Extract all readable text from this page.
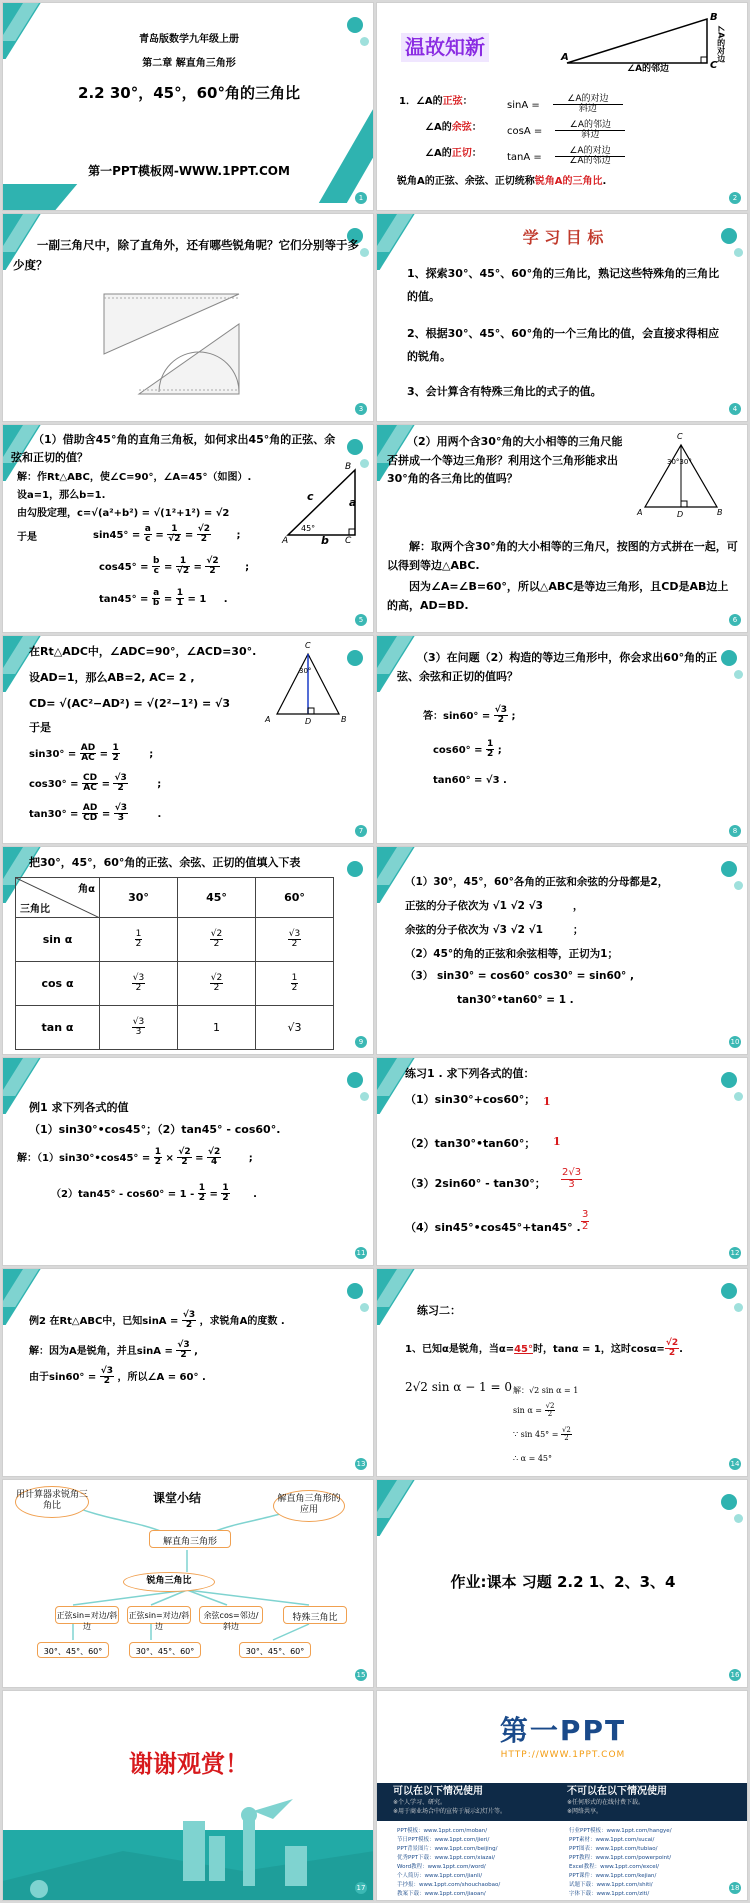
青岛版数学九年级上册
第二章 解直角三角形
2.2 30°，45°，60°角的三角比
第一PPT模板网-WWW.1PPT.COM
1
温故知新	A
B
C
∠A的邻边
∠A的对边
1．∠A的正弦：	$\sin A = \frac{\text{∠A的对边}}{\text{斜边}}$
∠A的余弦：	$\cos A = \frac{\text{∠A的邻边}}{\text{斜边}}$
∠A的正切：	$\tan A = \frac{\text{∠A的对边}}{\text{∠A的邻边}}$
锐角A的正弦、余弦、正切统称锐角A的三角比.
2
一副三角尺中，除了直角外，还有哪些锐角呢？它们分别等于多少度？
3
学 习 目 标
1、探索30°、45°、60°角的三角比，熟记这些特殊角的三角比的值。
2、根据30°、45°、60°角的一个三角比的值，会直接求得相应的锐角。
3、会计算含有特殊三角比的式子的值。
4
（1）借助含45°角的直角三角板，如何求出45°角的正弦、余弦和正切的值？
解：作Rt△ABC，使∠C=90°，∠A=45°（如图）.
设a=1，那么b=1.
由勾股定理，c=√(a²+b²) = √(1²+1²) = √2
于是	$\sin 45^\circ = \frac{a}{c} = \frac{1}{√2} = \frac{√2}{2}$	;
$\cos 45^\circ = \frac{b}{c} = \frac{1}{√2} = \frac{√2}{2}$	;
$\tan 45^\circ = \frac{a}{b} = \frac{1}{1} = 1$ .
A
B
C
a
b
c
45°
5
（2）用两个含30°角的大小相等的三角尺能否拼成一个等边三角形？利用这个三角形能求出30°角的各三角比的值吗？
C
A	B
D
30°30°
解：取两个含30°角的大小相等的三角尺，按图的方式拼在一起，可以得到等边△ABC.
因为∠A=∠B=60°，所以△ABC是等边三角形，且CD是AB边上的高，AD=BD.
6
在Rt△ADC中，∠ADC=90°，∠ACD=30°.
设AD=1，那么AB=2, AC= 2 ,
CD= √(AC²−AD²) = √(2²−1²) = √3
于是
$\sin 30^\circ = \frac{AD}{AC} = \frac{1}{2}$	;
$\cos 30^\circ = \frac{CD}{AC} = \frac{√3}{2}$	;
$\tan 30^\circ = \frac{AD}{CD} = \frac{√3}{3}$	.
C
A	B
D
30°
7
（3）在问题（2）构造的等边三角形中，你会求出60°角的正弦、余弦和正切的值吗？
答：$\sin 60^\circ = \frac{√3}{2}$ ;
$\cos 60^\circ = \frac{1}{2}$ ;
tan60° = √3 .
8
把30°，45°，60°角的正弦、余弦、正切的值填入下表
角α
三角比	30°	45°	60°
sin α	$\frac{1}{2}$	$\frac{√2}{2}$	$\frac{√3}{2}$

cos α	$\frac{√3}{2}$	$\frac{√2}{2}$	$\frac{1}{2}$

tan α	$\frac{√3}{3}$	1	√3
9
（1）30°，45°，60°各角的正弦和余弦的分母都是2，
正弦的分子依次为 √1 √2 √3	，
余弦的分子依次为 √3 √2 √1	；
（2）45°的角的正弦和余弦相等，正切为1；
（3） sin30° = cos60° cos30° = sin60° ,
tan30°•tan60° = 1 .
10
例1 求下列各式的值
（1）sin30°•cos45°；（2）tan45° - cos60°.
解：（1）sin30°•cos45° = $\frac{1}{2} \times \frac{√2}{2} = \frac{√2}{4}$	;
$(2)\tan 45^\circ - \cos 60^\circ = 1 - \frac{1}{2} = \frac{1}{2}$ .
11
练习1 . 求下列各式的值：
（1）sin30°+cos60°； 1
（2）tan30°•tan60°； 1
（3）2sin60° - tan30°； $\frac{2√3}{3}$
（4）sin45°•cos45°+tan45° . $\frac{3}{2}$
12
例2 在Rt△ABC中，已知$\sin A = \frac{√3}{2}$ ，求锐角A的度数 .
解：因为A是锐角，并且$\sin A = \frac{√3}{2}$ ,
由于$\sin 60^\circ = \frac{√3}{2}$ ，所以∠A = 60° .
13
练习二：
1、已知α是锐角，当α=45°时，tanα = 1，这时$\cos\alpha= \frac{√2}{2}$ .
2√2 sin α − 1 = 0 解：√2 sin α = 1
$\sin \alpha = \frac{√2}{2}$
∵ $\sin 45^\circ = \frac{√2}{2}$
∴ α = 45°
14
用计算器求锐角三角比
解直角三角形的应用
课堂小结
解直角三角形
锐角三角比
正弦sin=对边/斜边
正弦sin=对边/斜边
余弦cos=邻边/斜边
特殊三角比
30°、45°、60°	30°、45°、60°	30°、45°、60°
15
作业:课本 习题 2.2 1、2、3、4
16
谢谢观赏！
17
第一PPT
HTTP://WWW.1PPT.COM
可以在以下情况使用
※个人学习、研究。
※用于商业场合中的宣传于展示幻灯片等。
不可以在以下情况使用
※任何形式的在线付费下载。
※网络共享。
PPT模板：www.1ppt.com/moban/
节日PPT模板：www.1ppt.com/jieri/
PPT背景图片：www.1ppt.com/beijing/
优秀PPT下载：www.1ppt.com/xiazai/
Word教程：www.1ppt.com/word/
个人简历：www.1ppt.com/jianli/
手抄报：www.1ppt.com/shouchaobao/
教案下载：www.1ppt.com/jiaoan/
行业PPT模板：www.1ppt.com/hangye/
PPT素材：www.1ppt.com/sucai/
PPT图表：www.1ppt.com/tubiao/
PPT教程：www.1ppt.com/powerpoint/
Excel教程：www.1ppt.com/excel/
PPT课件：www.1ppt.com/kejian/
试题下载：www.1ppt.com/shiti/
字体下载：www.1ppt.com/ziti/
18
